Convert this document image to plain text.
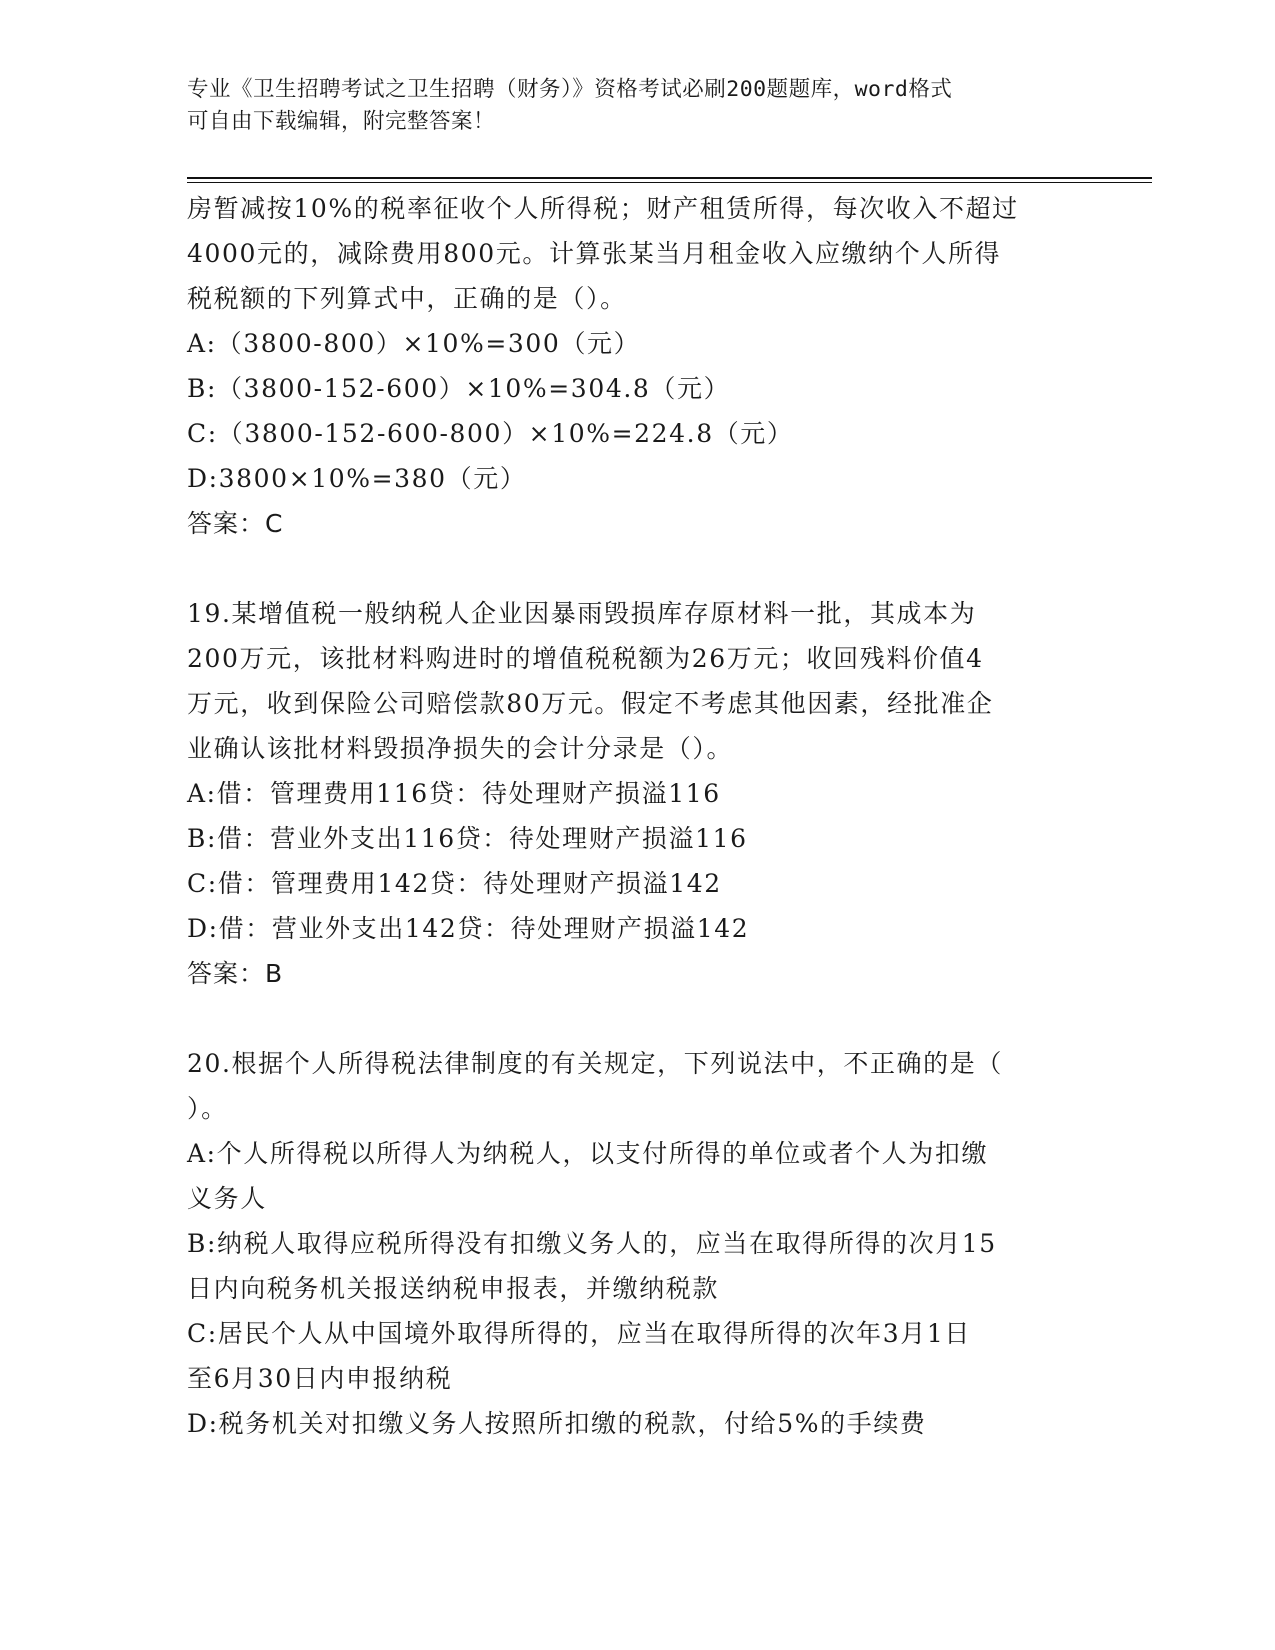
专业《卫生招聘考试之卫生招聘（财务）》资格考试必刷200题题库，word格式
可自由下载编辑，附完整答案！

房暂减按10%的税率征收个人所得税；财产租赁所得，每次收入不超过

4000元的，减除费用800元。计算张某当月租金收入应缴纳个人所得

税税额的下列算式中，正确的是（）。

A:（3800-800）×10%=300（元）

B:（3800-152-600）×10%=304.8（元）

C:（3800-152-600-800）×10%=224.8（元）

D:3800×10%=380（元）

答案：C

19.某增值税一般纳税人企业因暴雨毁损库存原材料一批，其成本为

200万元，该批材料购进时的增值税税额为26万元；收回残料价值4

万元，收到保险公司赔偿款80万元。假定不考虑其他因素，经批准企

业确认该批材料毁损净损失的会计分录是（）。

A:借：管理费用116贷：待处理财产损溢116

B:借：营业外支出116贷：待处理财产损溢116

C:借：管理费用142贷：待处理财产损溢142

D:借：营业外支出142贷：待处理财产损溢142

答案：B

20.根据个人所得税法律制度的有关规定，下列说法中，不正确的是（

）。

A:个人所得税以所得人为纳税人，以支付所得的单位或者个人为扣缴

义务人

B:纳税人取得应税所得没有扣缴义务人的，应当在取得所得的次月15

日内向税务机关报送纳税申报表，并缴纳税款

C:居民个人从中国境外取得所得的，应当在取得所得的次年3月1日

至6月30日内申报纳税

D:税务机关对扣缴义务人按照所扣缴的税款，付给5%的手续费
